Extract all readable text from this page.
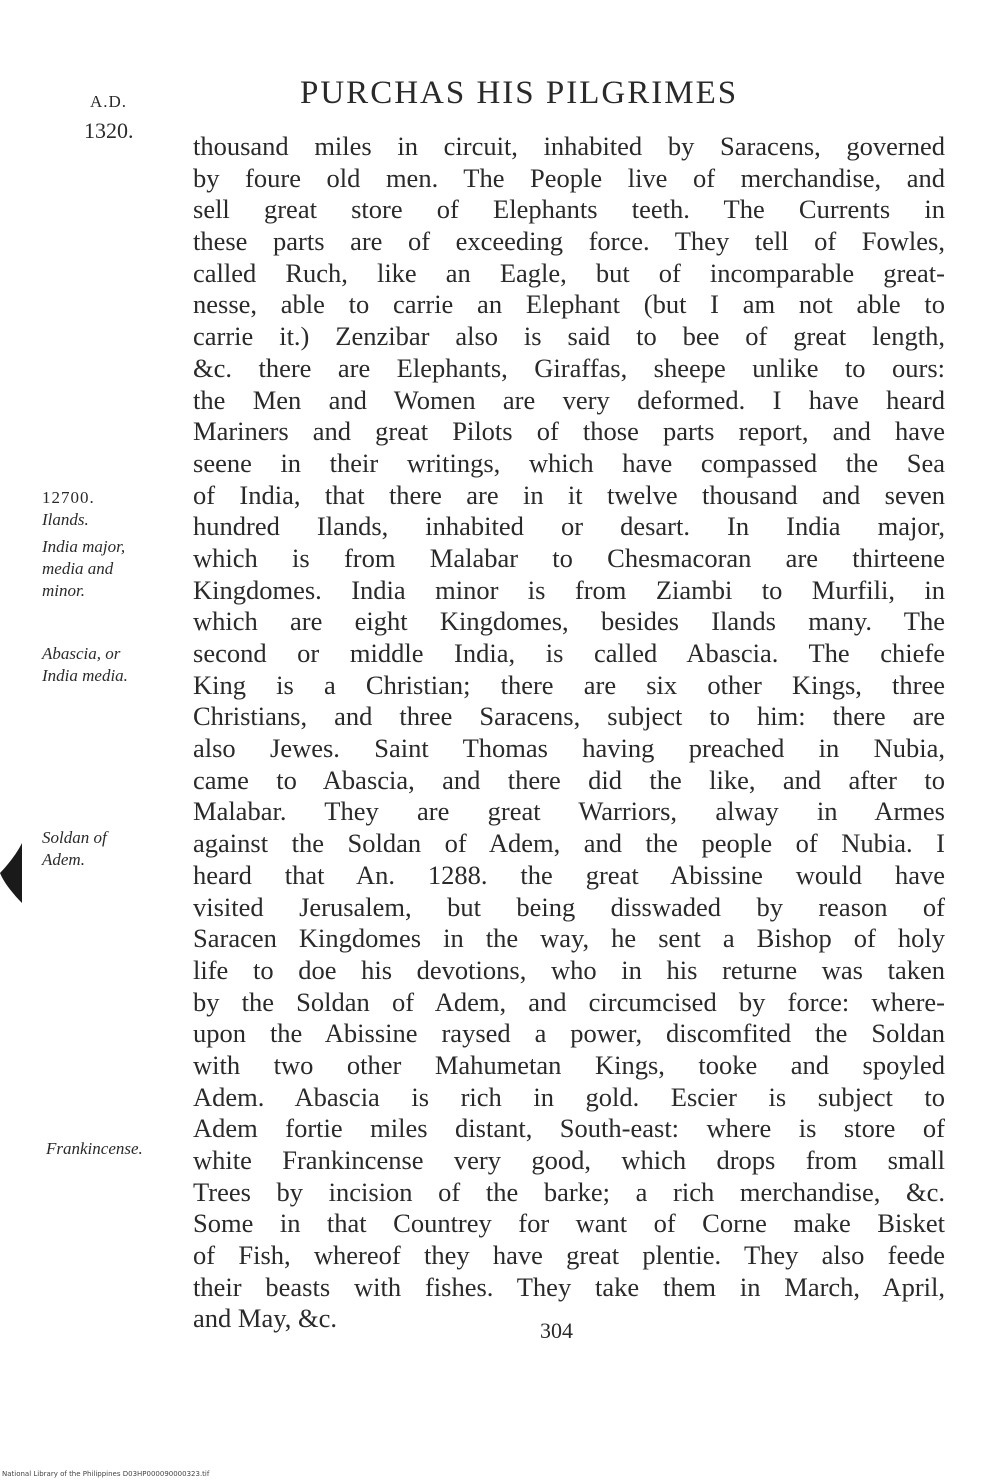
A.D.
1320.
PURCHAS HIS PILGRIMES
thousand miles in circuit, inhabited by Saracens, governed
by foure old men. The People live of merchandise, and
sell great store of Elephants teeth. The Currents in
these parts are of exceeding force. They tell of Fowles,
called Ruch, like an Eagle, but of incomparable great-
nesse, able to carrie an Elephant (but I am not able to
carrie it.) Zenzibar also is said to bee of great length,
&c. there are Elephants, Giraffas, sheepe unlike to ours:
the Men and Women are very deformed. I have heard
Mariners and great Pilots of those parts report, and have
seene in their writings, which have compassed the Sea
of India, that there are in it twelve thousand and seven
hundred Ilands, inhabited or desart. In India major,
which is from Malabar to Chesmacoran are thirteene
Kingdomes. India minor is from Ziambi to Murfili, in
which are eight Kingdomes, besides Ilands many. The
second or middle India, is called Abascia. The chiefe
King is a Christian; there are six other Kings, three
Christians, and three Saracens, subject to him: there are
also Jewes. Saint Thomas having preached in Nubia,
came to Abascia, and there did the like, and after to
Malabar. They are great Warriors, alway in Armes
against the Soldan of Adem, and the people of Nubia. I
heard that An. 1288. the great Abissine would have
visited Jerusalem, but being disswaded by reason of
Saracen Kingdomes in the way, he sent a Bishop of holy
life to doe his devotions, who in his returne was taken
by the Soldan of Adem, and circumcised by force: where-
upon the Abissine raysed a power, discomfited the Soldan
with two other Mahumetan Kings, tooke and spoyled
Adem. Abascia is rich in gold. Escier is subject to
Adem fortie miles distant, South-east: where is store of
white Frankincense very good, which drops from small
Trees by incision of the barke; a rich merchandise, &c.
Some in that Countrey for want of Corne make Bisket
of Fish, whereof they have great plentie. They also feede
their beasts with fishes. They take them in March, April,
and May, &c.
12700.
Ilands.
India major,
media and
minor.
Abascia, or
India media.
Soldan of
Adem.
Frankincense.
304
National Library of the Philippines D03HP000090000323.tif
